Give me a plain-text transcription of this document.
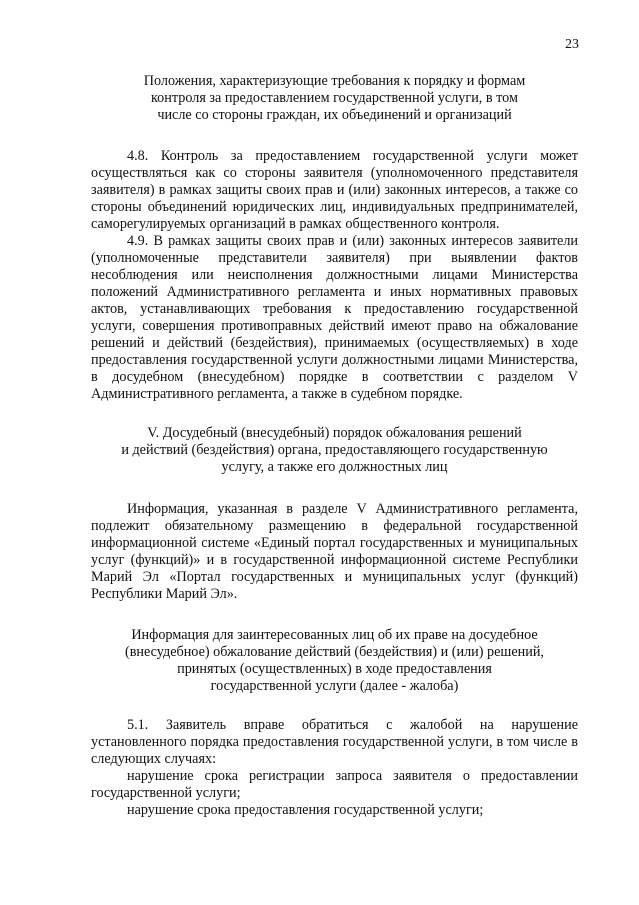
23
Положения, характеризующие требования к порядку и формам
контроля за предоставлением государственной услуги, в том
числе со стороны граждан, их объединений и организаций

4.8. Контроль за предоставлением государственной услуги может осуществляться как со стороны заявителя (уполномоченного представителя заявителя) в рамках защиты своих прав и (или) законных интересов, а также со стороны объединений юридических лиц, индивидуальных предпринимателей, саморегулируемых организаций в рамках общественного контроля.

4.9. В рамках защиты своих прав и (или) законных интересов заявители (уполномоченные представители заявителя) при выявлении фактов несоблюдения или неисполнения должностными лицами Министерства положений Административного регламента и иных нормативных правовых актов, устанавливающих требования к предоставлению государственной услуги, совершения противоправных действий имеют право на обжалование решений и действий (бездействия), принимаемых (осуществляемых) в ходе предоставления государственной услуги должностными лицами Министерства, в досудебном (внесудебном) порядке в соответствии с разделом V Административного регламента, а также в судебном порядке.

V. Досудебный (внесудебный) порядок обжалования решений
и действий (бездействия) органа, предоставляющего государственную
услугу, а также его должностных лиц

Информация, указанная в разделе V Административного регламента, подлежит обязательному размещению в федеральной государственной информационной системе «Единый портал государственных и муниципальных услуг (функций)» и в государственной информационной системе Республики Марий Эл «Портал государственных и муниципальных услуг (функций) Республики Марий Эл».

Информация для заинтересованных лиц об их праве на досудебное
(внесудебное) обжалование действий (бездействия) и (или) решений,
принятых (осуществленных) в ходе предоставления
государственной услуги (далее - жалоба)

5.1. Заявитель вправе обратиться с жалобой на нарушение установленного порядка предоставления государственной услуги, в том числе в следующих случаях:

нарушение срока регистрации запроса заявителя о предоставлении государственной услуги;

нарушение срока предоставления государственной услуги;
